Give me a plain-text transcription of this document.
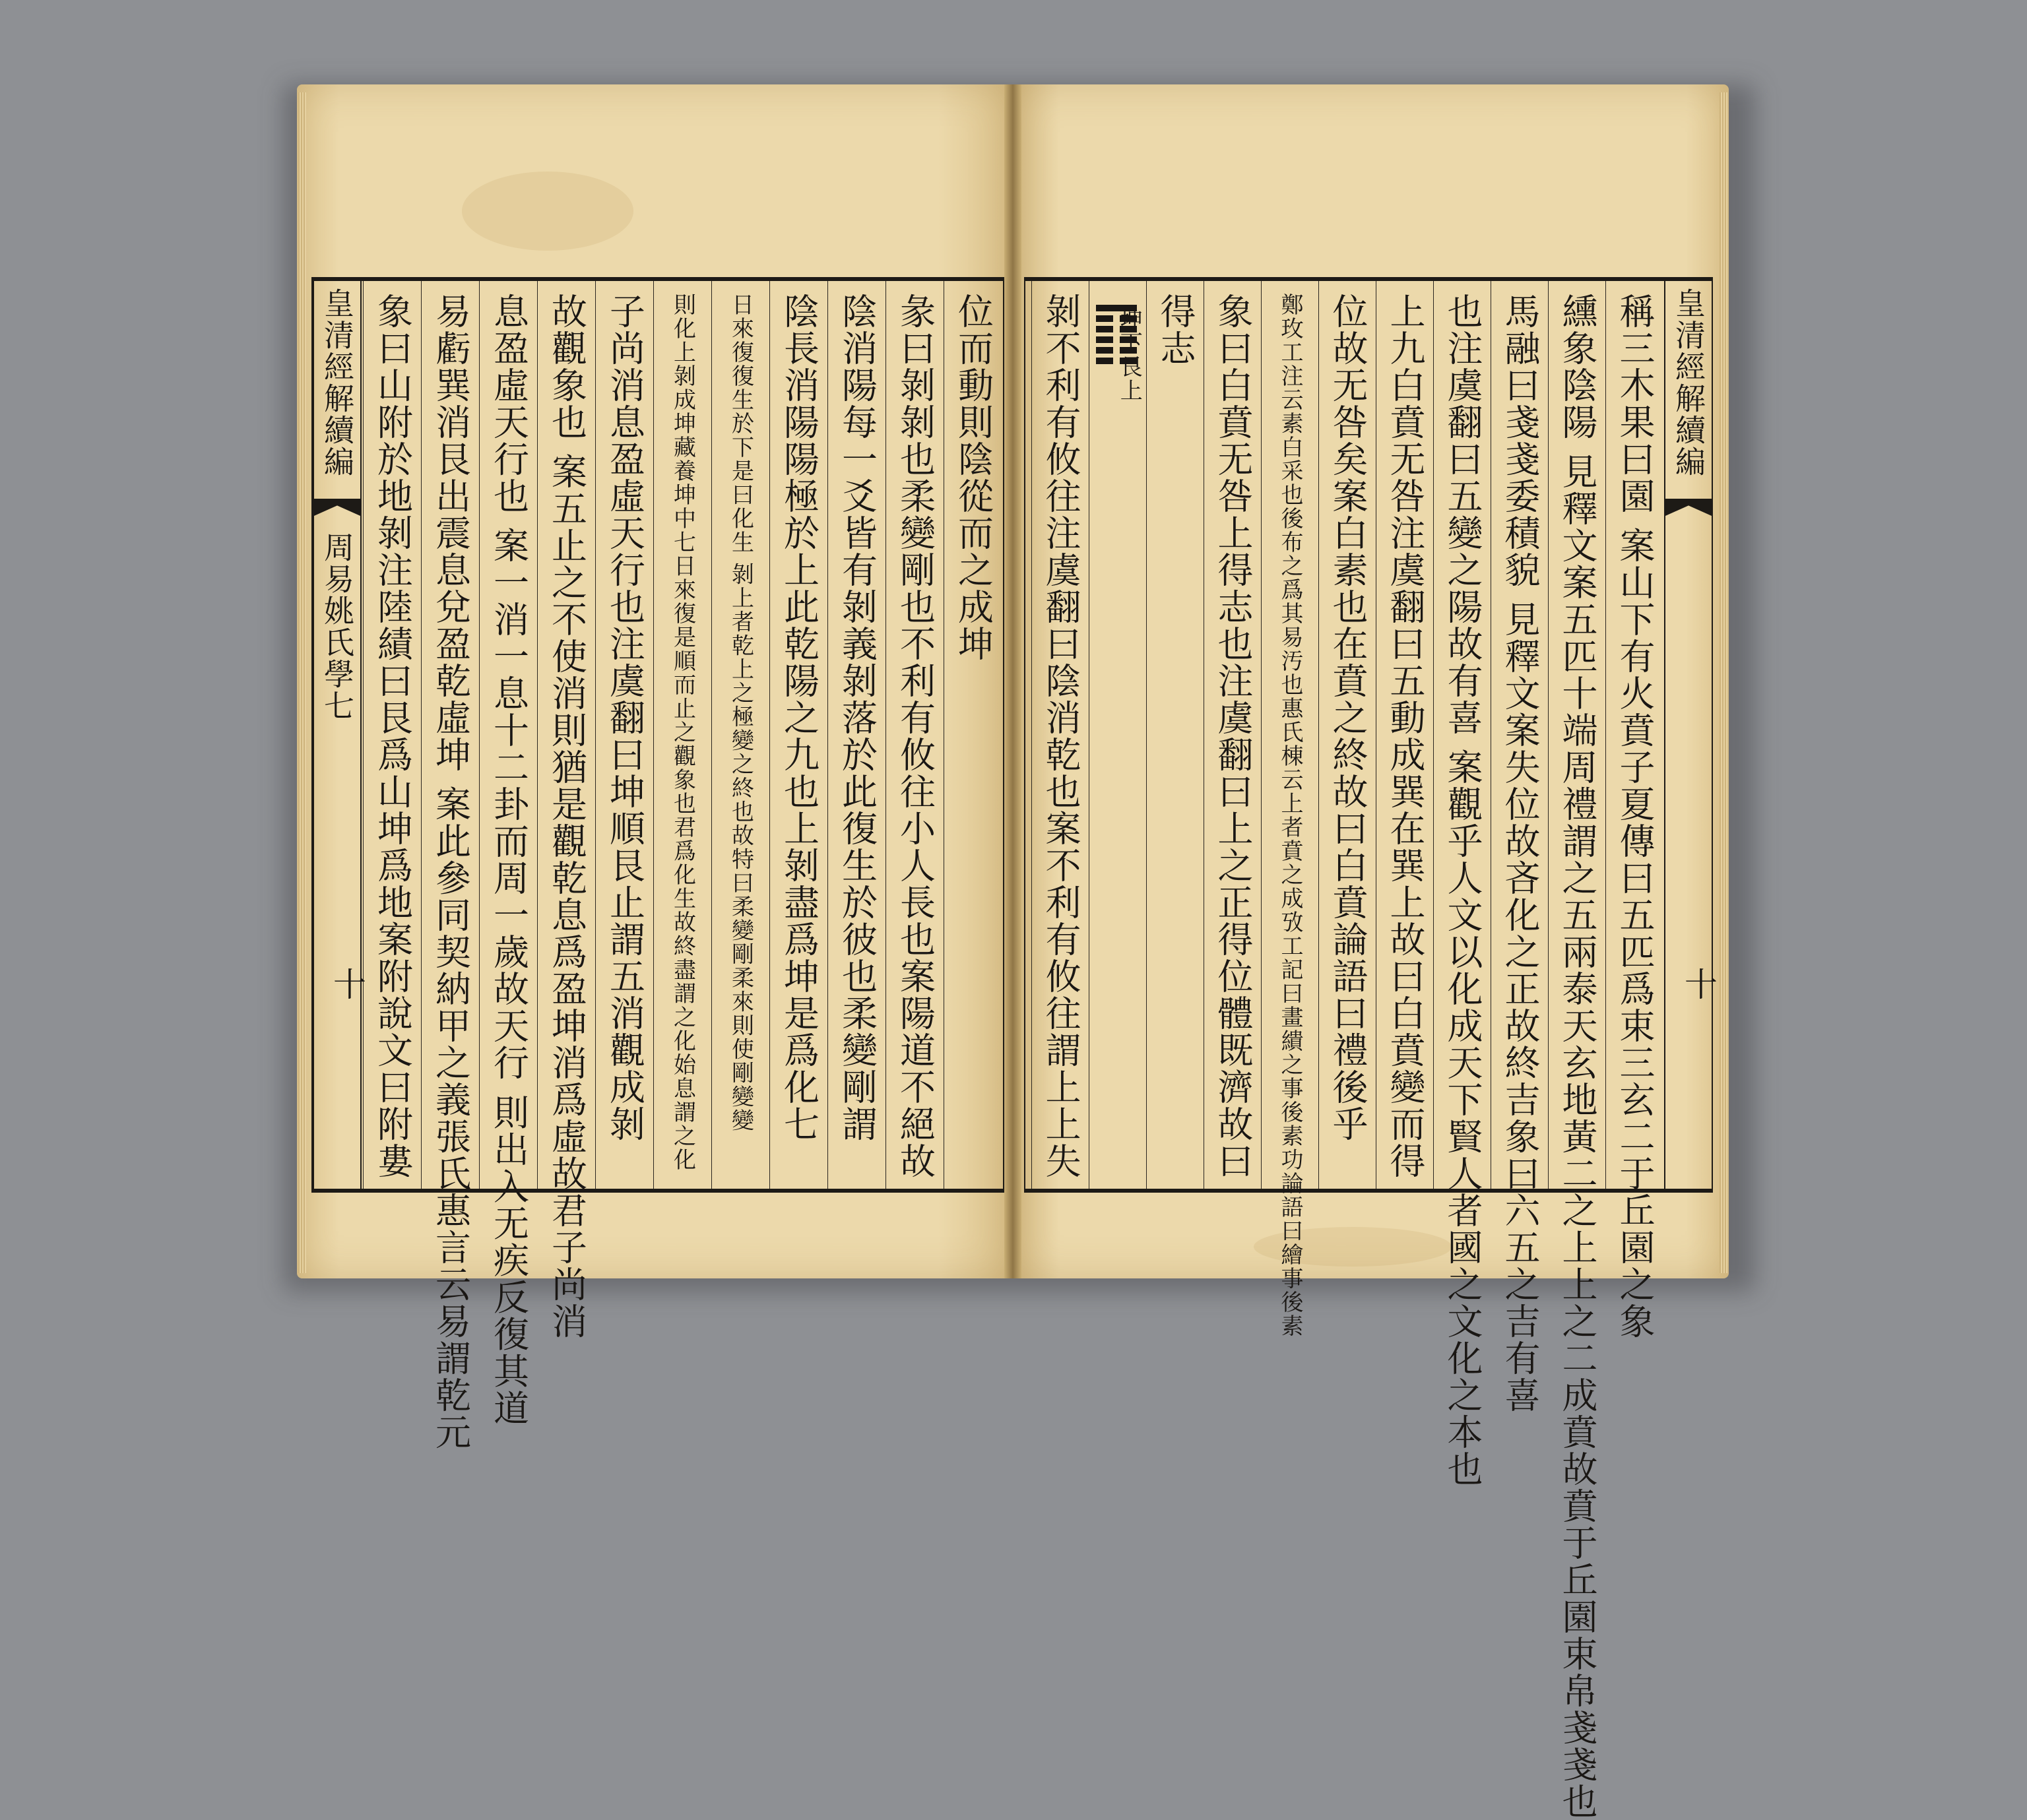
皇清經解續編
周易姚氏學七
十
位而動則陰從而之成坤
彖曰剝剝也柔變剛也不利有攸往小人長也案陽道不絕故
陰消陽每一爻皆有剝義剝落於此復生於彼也柔變剛謂
陰長消陽陽極於上此乾陽之九也上剝盡爲坤是爲化七
日來復復生於下是曰化生 剝上者乾上之極變之終也故特曰柔變剛柔來則使剛變變
則化上剝成坤藏養坤中七日來復是順而止之觀象也君爲化生故終盡謂之化始息謂之化
子尚消息盈虛天行也注虞翻曰坤順艮止謂五消觀成剝
故觀象也 案五止之不使消則猶是觀乾息爲盈坤消爲虛故君子尚消
息盈虛天行也 案一消一息十二卦而周一歲故天行 則出入无疾反復其道
易虧巽消艮出震息兌盈乾虛坤 案此參同契納甲之義張氏惠言云易謂乾元
象曰山附於地剝注陸績曰艮爲山坤爲地案附說文曰附婁	皇清經解續編
十
稱三木果曰園 案山下有火賁子夏傳曰五匹爲束三玄二于丘園之象
纁象陰陽 見釋文案五匹十端周禮謂之五兩泰天玄地黃二之上上之二成賁故賁于丘園束帛戔戔也
馬融曰戔戔委積貌 見釋文案失位故吝化之正故終吉象曰六五之吉有喜
也注虞翻曰五變之陽故有喜 案觀乎人文以化成天下賢人者國之文化之本也
上九白賁无咎注虞翻曰五動成巽在巽上故曰白賁變而得
位故无咎矣案白素也在賁之終故曰白賁論語曰禮後乎
鄭玫工注云素白采也後布之爲其易汚也惠氏棟云上者賁之成攷工記曰畫繢之事後素功論語曰繪事後素
象曰白賁无咎上得志也注虞翻曰上之正得位體既濟故曰
得志
坤下艮上
剝不利有攸往注虞翻曰陰消乾也案不利有攸往謂上上失
